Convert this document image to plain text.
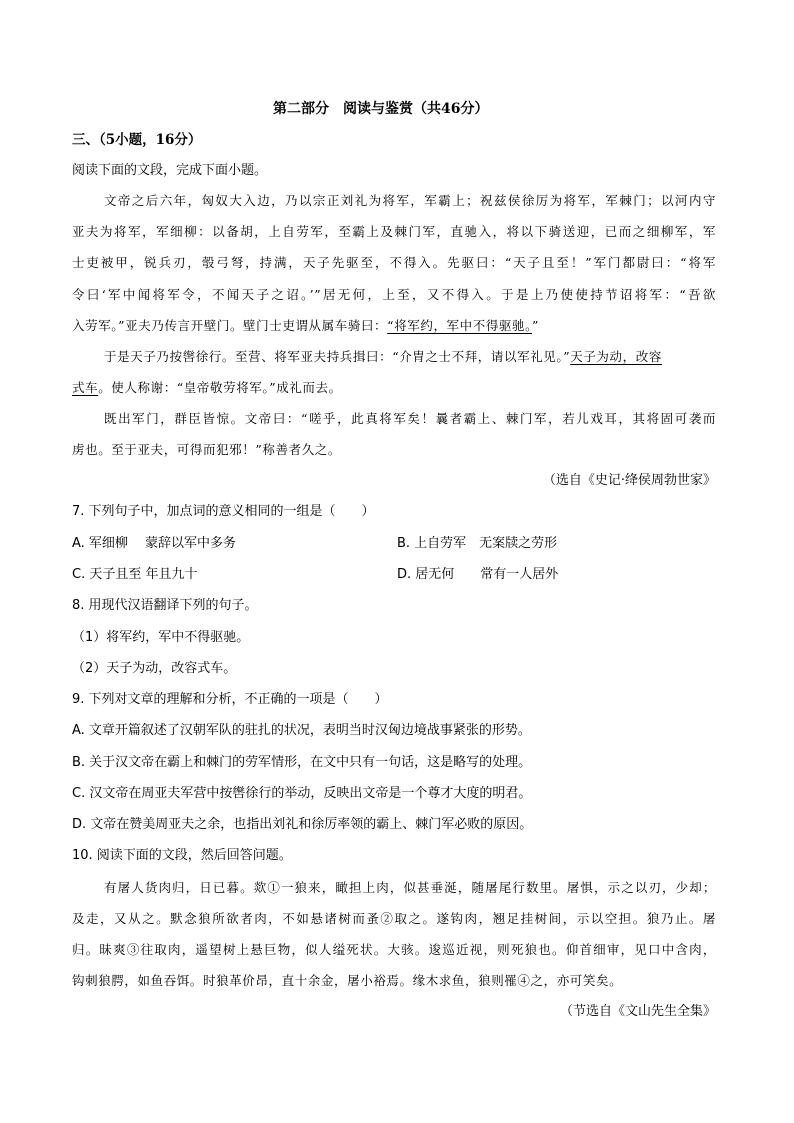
第二部分　阅读与鉴赏（共46分）
三、（5小题，16分）
阅读下面的文段，完成下面小题。
文帝之后六年，匈奴大入边，乃以宗正刘礼为将军，军霸上；祝兹侯徐厉为将军，军棘门；以河内守
亚夫为将军，军细柳：以备胡，上自劳军，至霸上及棘门军，直驰入，将以下骑送迎，已而之细柳军，军
士吏被甲，锐兵刃，彀弓弩，持满，天子先驱至，不得入。先驱曰：“天子且至！”军门都尉曰：“将军
令曰‘军中闻将军令，不闻天子之诏。’”居无何，上至，又不得入。于是上乃使使持节诏将军：“吾欲
入劳军。”亚夫乃传言开壁门。壁门士吏谓从属车骑曰：“将军约，军中不得驱驰。”
于是天子乃按辔徐行。至营、将军亚夫持兵揖曰：“介胄之士不拜，请以军礼见。”天子为动，改容
式车。使人称谢：“皇帝敬劳将军。”成礼而去。
既出军门，群臣皆惊。文帝曰：“嗟乎，此真将军矣！曩者霸上、棘门军，若儿戏耳，其将固可袭而
虏也。至于亚夫，可得而犯邪！”称善者久之。
（选自《史记·绛侯周勃世家》
7. 下列句子中，加点词的意义相同的一组是（　　）
A. 军细柳　 蒙辞以军中多务	B. 上自劳军　无案牍之劳形
C. 天子且至 年且九十	D. 居无何　　常有一人居外
8. 用现代汉语翻译下列的句子。
（1）将军约，军中不得驱驰。
（2）天子为动，改容式车。
9. 下列对文章的理解和分析，不正确的一项是（　　）
A. 文章开篇叙述了汉朝军队的驻扎的状况，表明当时汉匈边境战事紧张的形势。
B. 关于汉文帝在霸上和棘门的劳军情形，在文中只有一句话，这是略写的处理。
C. 汉文帝在周亚夫军营中按辔徐行的举动，反映出文帝是一个尊才大度的明君。
D. 文帝在赞美周亚夫之余，也指出刘礼和徐厉率领的霸上、棘门军必败的原因。
10. 阅读下面的文段，然后回答问题。
有屠人货肉归，日已暮。欻①一狼来，瞰担上肉，似甚垂涎，随屠尾行数里。屠惧，示之以刃，少却；
及走，又从之。默念狼所欲者肉，不如悬诸树而蚤②取之。遂钩肉，翘足挂树间，示以空担。狼乃止。屠
归。昧爽③往取肉，遥望树上悬巨物，似人缢死状。大骇。逡巡近视，则死狼也。仰首细审，见口中含肉，
钩刺狼腭，如鱼吞饵。时狼革价昂，直十余金，屠小裕焉。缘木求鱼，狼则罹④之，亦可笑矣。
（节选自《文山先生全集》
